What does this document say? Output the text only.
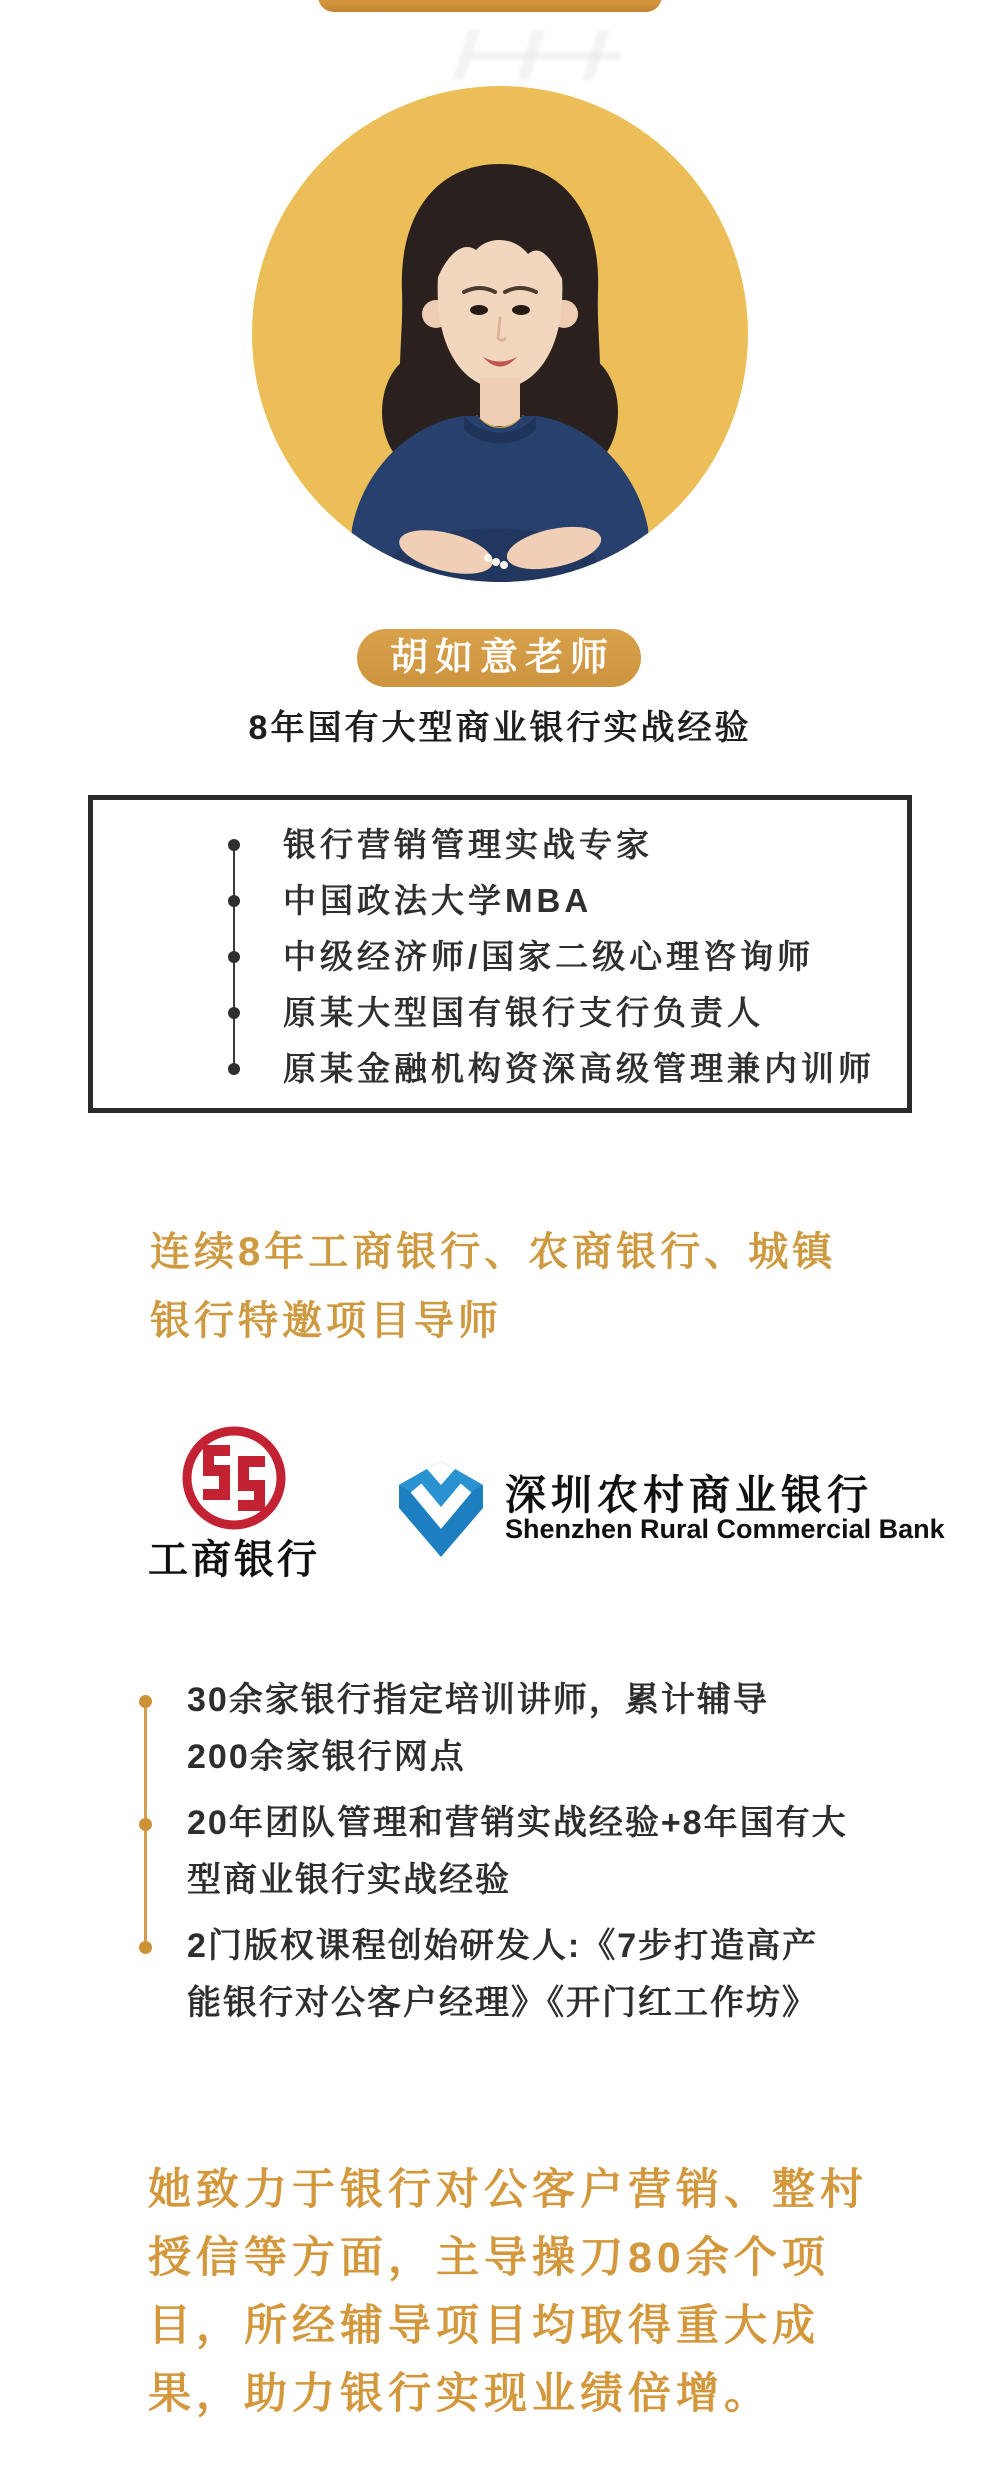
胡如意老师
8年国有大型商业银行实战经验
银行营销管理实战专家
中国政法大学MBA
中级经济师/国家二级心理咨询师
原某大型国有银行支行负责人
原某金融机构资深高级管理兼内训师
连续8年工商银行、农商银行、城镇
银行特邀项目导师
工商银行
深圳农村商业银行
Shenzhen Rural Commercial Bank
30余家银行指定培训讲师，累计辅导
200余家银行网点
20年团队管理和营销实战经验+8年国有大
型商业银行实战经验
2门版权课程创始研发人:《7步打造高产
能银行对公客户经理》《开门红工作坊》
她致力于银行对公客户营销、整村
授信等方面，主导操刀80余个项
目，所经辅导项目均取得重大成
果，助力银行实现业绩倍增。
